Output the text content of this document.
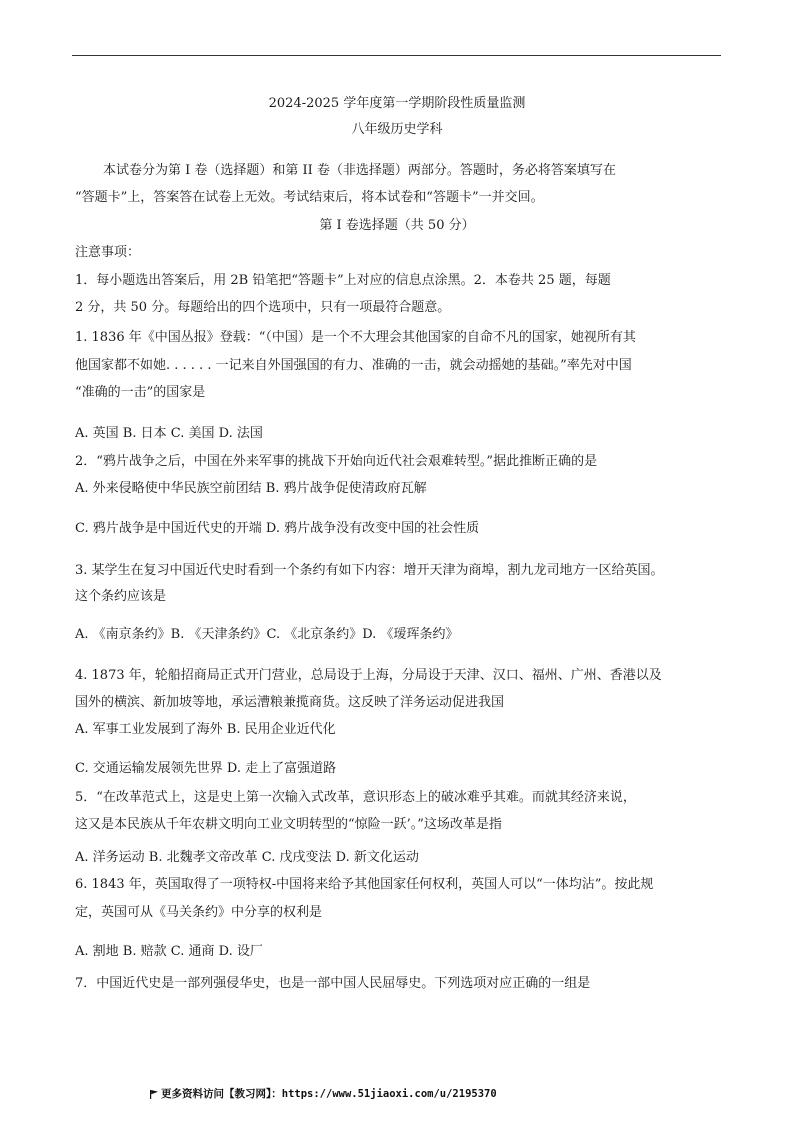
2024-2025 学年度第一学期阶段性质量监测
八年级历史学科
本试卷分为第 I 卷（选择题）和第 II 卷（非选择题）两部分。答题时，务必将答案填写在
“答题卡”上，答案答在试卷上无效。考试结束后，将本试卷和“答题卡”一并交回。
第 I 卷选择题（共 50 分）
注意事项：
1．每小题选出答案后，用 2B 铅笔把“答题卡”上对应的信息点涂黑。2．本卷共 25 题，每题
2 分，共 50 分。每题给出的四个选项中，只有一项最符合题意。
1. 1836 年《中国丛报》登载：“（中国）是一个不大理会其他国家的自命不凡的国家，她视所有其
他国家都不如她. . . . . . 一记来自外国强国的有力、准确的一击，就会动摇她的基础。”率先对中国
“准确的一击”的国家是
A. 英国 B. 日本 C. 美国 D. 法国
2．“鸦片战争之后，中国在外来军事的挑战下开始向近代社会艰难转型。”据此推断正确的是
A. 外来侵略使中华民族空前团结 B. 鸦片战争促使清政府瓦解
C. 鸦片战争是中国近代史的开端 D. 鸦片战争没有改变中国的社会性质
3. 某学生在复习中国近代史时看到一个条约有如下内容：增开天津为商埠，割九龙司地方一区给英国。
这个条约应该是
A. 《南京条约》B. 《天津条约》C. 《北京条约》D. 《瑷珲条约》
4. 1873 年，轮船招商局正式开门营业，总局设于上海，分局设于天津、汉口、福州、广州、香港以及
国外的横滨、新加坡等地，承运漕粮兼揽商货。这反映了洋务运动促进我国
A. 军事工业发展到了海外 B. 民用企业近代化
C. 交通运输发展领先世界 D. 走上了富强道路
5．“在改革范式上，这是史上第一次输入式改革，意识形态上的破冰难乎其难。而就其经济来说，
这又是本民族从千年农耕文明向工业文明转型的“惊险一跃’。”这场改革是指
A. 洋务运动 B. 北魏孝文帝改革 C. 戊戌变法 D. 新文化运动
6. 1843 年，英国取得了一项特权-中国将来给予其他国家任何权利，英国人可以“一体均沾”。按此规
定，英国可从《马关条约》中分享的权利是
A. 割地 B. 赔款 C. 通商 D. 设厂
7．中国近代史是一部列强侵华史，也是一部中国人民屈辱史。下列选项对应正确的一组是
更多资料访问【教习网】：https://www.51jiaoxi.com/u/2195370
